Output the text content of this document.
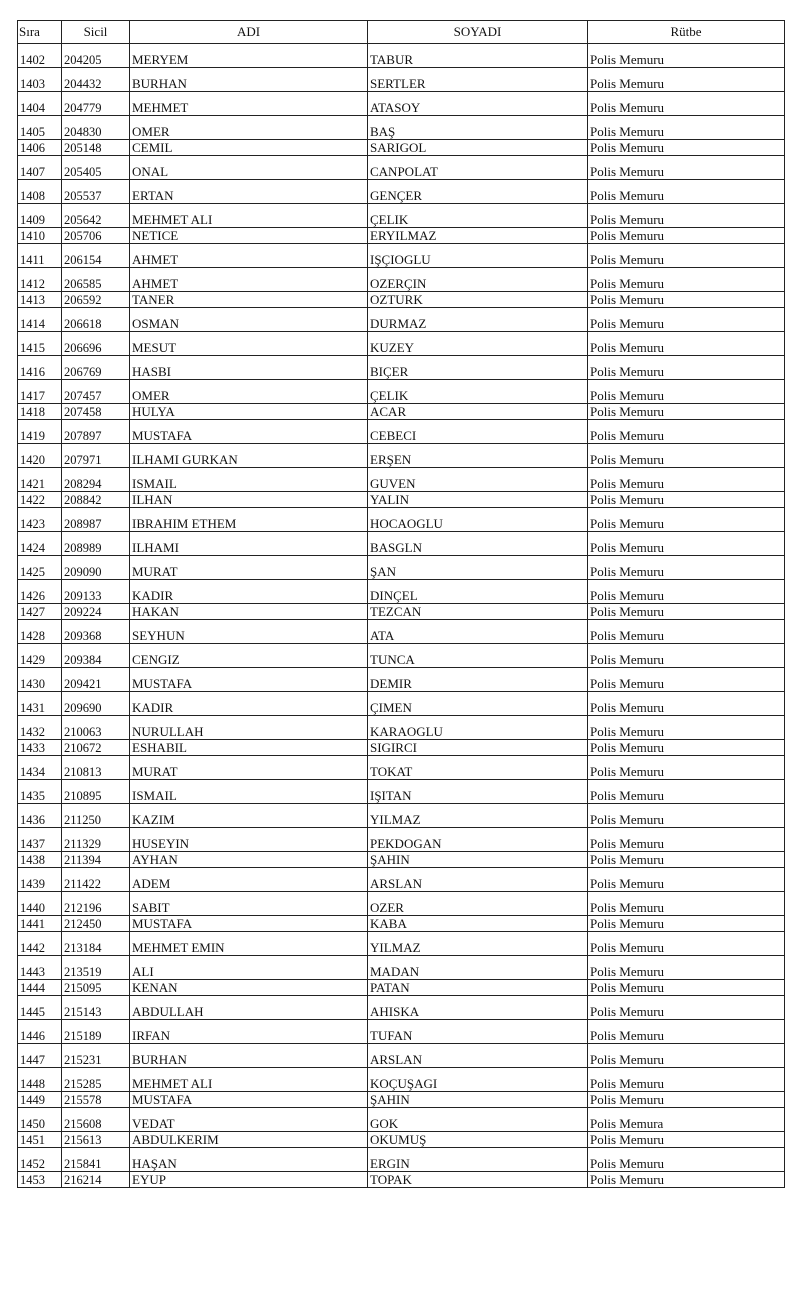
Sıra	Sicil	ADI	SOYADI	Rütbe
1402	204205	MERYEM	TABUR	Polis Memuru
1403	204432	BURHAN	SERTLER	Polis Memuru
1404	204779	MEHMET	ATASOY	Polis Memuru
1405	204830	OMER	BAŞ	Polis Memuru
1406	205148	CEMIL	SARIGOL	Polis Memuru
1407	205405	ONAL	CANPOLAT	Polis Memuru
1408	205537	ERTAN	GENÇER	Polis Memuru
1409	205642	MEHMET ALI	ÇELIK	Polis Memuru
1410	205706	NETICE	ERYILMAZ	Polis Memuru
1411	206154	AHMET	IŞÇIOGLU	Polis Memuru
1412	206585	AHMET	OZERÇIN	Polis Memuru
1413	206592	TANER	OZTURK	Polis Memuru
1414	206618	OSMAN	DURMAZ	Polis Memuru
1415	206696	MESUT	KUZEY	Polis Memuru
1416	206769	HASBI	BIÇER	Polis Memuru
1417	207457	OMER	ÇELIK	Polis Memuru
1418	207458	HULYA	ACAR	Polis Memuru
1419	207897	MUSTAFA	CEBECI	Polis Memuru
1420	207971	ILHAMI GURKAN	ERŞEN	Polis Memuru
1421	208294	ISMAIL	GUVEN	Polis Memuru
1422	208842	ILHAN	YALIN	Polis Memuru
1423	208987	IBRAHIM ETHEM	HOCAOGLU	Polis Memuru
1424	208989	ILHAMI	BASGLN	Polis Memuru
1425	209090	MURAT	ŞAN	Polis Memuru
1426	209133	KADIR	DINÇEL	Polis Memuru
1427	209224	HAKAN	TEZCAN	Polis Memuru
1428	209368	SEYHUN	ATA	Polis Memuru
1429	209384	CENGIZ	TUNCA	Polis Memuru
1430	209421	MUSTAFA	DEMIR	Polis Memuru
1431	209690	KADIR	ÇIMEN	Polis Memuru
1432	210063	NURULLAH	KARAOGLU	Polis Memuru
1433	210672	ESHABIL	SIGIRCI	Polis Memuru
1434	210813	MURAT	TOKAT	Polis Memuru
1435	210895	ISMAIL	IŞITAN	Polis Memuru
1436	211250	KAZIM	YILMAZ	Polis Memuru
1437	211329	HUSEYIN	PEKDOGAN	Polis Memuru
1438	211394	AYHAN	ŞAHIN	Polis Memuru
1439	211422	ADEM	ARSLAN	Polis Memuru
1440	212196	SABIT	OZER	Polis Memuru
1441	212450	MUSTAFA	KABA	Polis Memuru
1442	213184	MEHMET EMIN	YILMAZ	Polis Memuru
1443	213519	ALI	MADAN	Polis Memuru
1444	215095	KENAN	PATAN	Polis Memuru
1445	215143	ABDULLAH	AHISKA	Polis Memuru
1446	215189	IRFAN	TUFAN	Polis Memuru
1447	215231	BURHAN	ARSLAN	Polis Memuru
1448	215285	MEHMET ALI	KOÇUŞAGI	Polis Memuru
1449	215578	MUSTAFA	ŞAHIN	Polis Memuru
1450	215608	VEDAT	GOK	Polis Memura
1451	215613	ABDULKERIM	OKUMUŞ	Polis Memuru
1452	215841	HAŞAN	ERGIN	Polis Memuru
1453	216214	EYUP	TOPAK	Polis Memuru
